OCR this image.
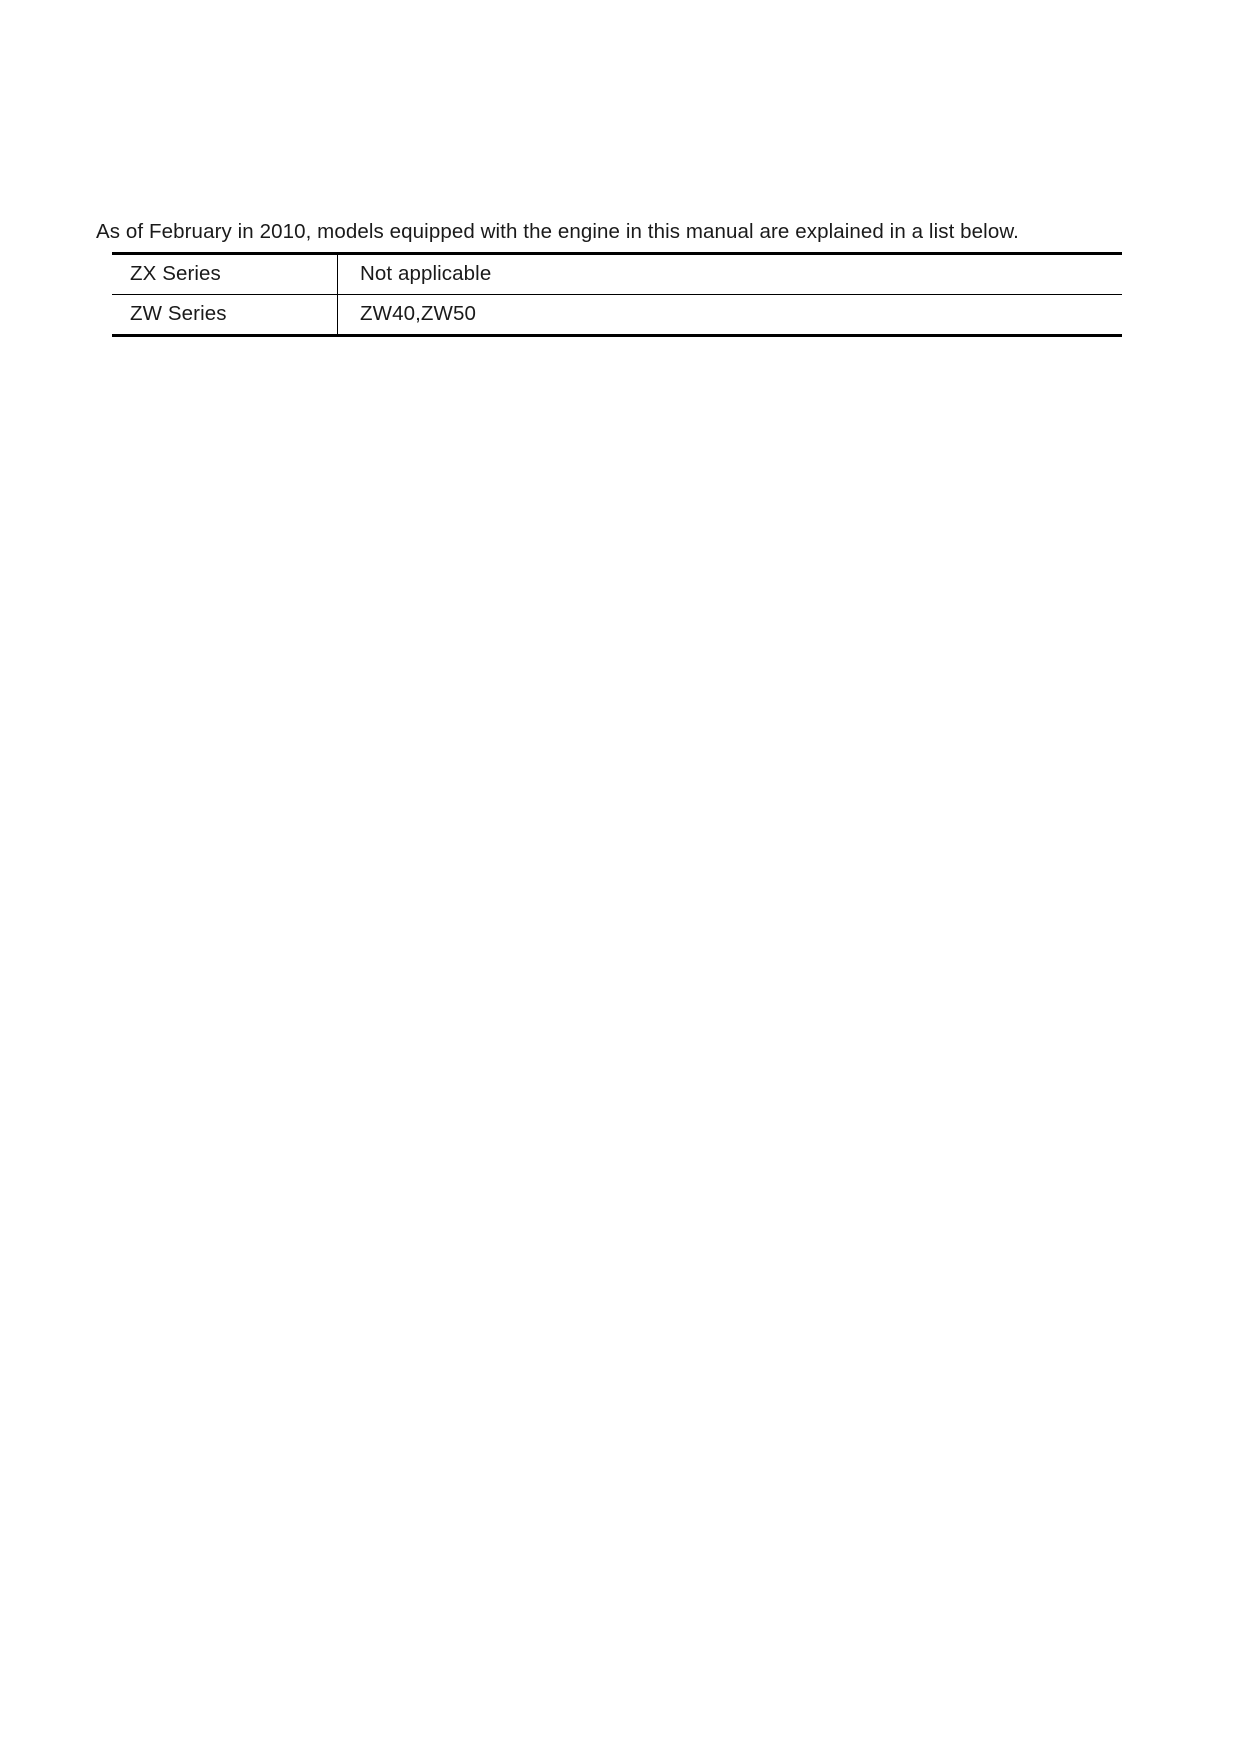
As of February in 2010, models equipped with the engine in this manual are explained in a list below.

ZX Series	Not applicable
ZW Series	ZW40,ZW50
